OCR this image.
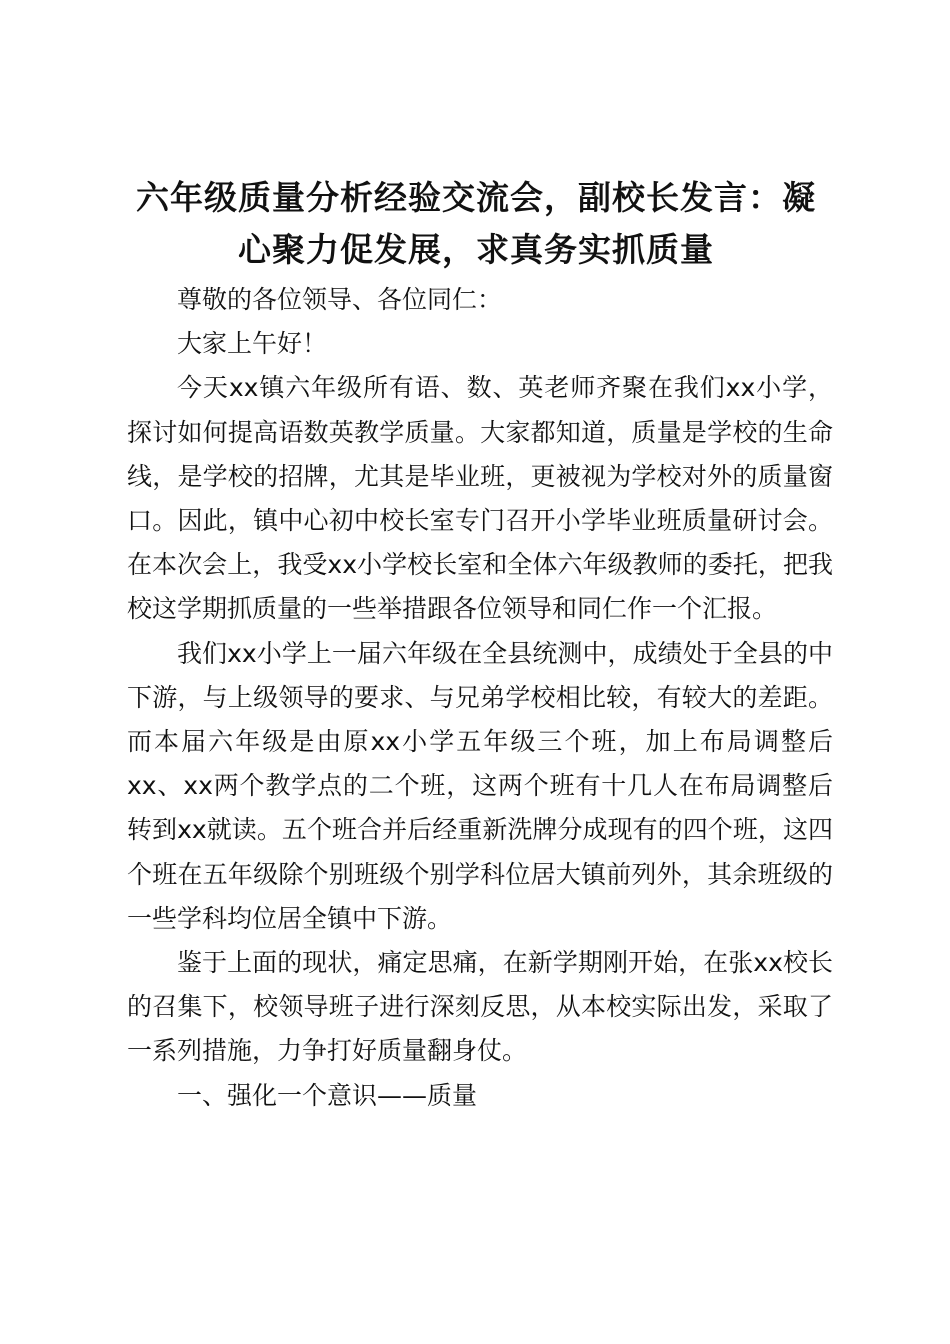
六年级质量分析经验交流会，副校长发言：凝心聚力促发展，求真务实抓质量

尊敬的各位领导、各位同仁：

大家上午好！

今天xx镇六年级所有语、数、英老师齐聚在我们xx小学，探讨如何提高语数英教学质量。大家都知道，质量是学校的生命线，是学校的招牌，尤其是毕业班，更被视为学校对外的质量窗口。因此，镇中心初中校长室专门召开小学毕业班质量研讨会。在本次会上，我受xx小学校长室和全体六年级教师的委托，把我校这学期抓质量的一些举措跟各位领导和同仁作一个汇报。

我们xx小学上一届六年级在全县统测中，成绩处于全县的中下游，与上级领导的要求、与兄弟学校相比较，有较大的差距。而本届六年级是由原xx小学五年级三个班，加上布局调整后xx、xx两个教学点的二个班，这两个班有十几人在布局调整后转到xx就读。五个班合并后经重新洗牌分成现有的四个班，这四个班在五年级除个别班级个别学科位居大镇前列外，其余班级的一些学科均位居全镇中下游。

鉴于上面的现状，痛定思痛，在新学期刚开始，在张xx校长的召集下，校领导班子进行深刻反思，从本校实际出发，采取了一系列措施，力争打好质量翻身仗。

一、强化一个意识——质量
